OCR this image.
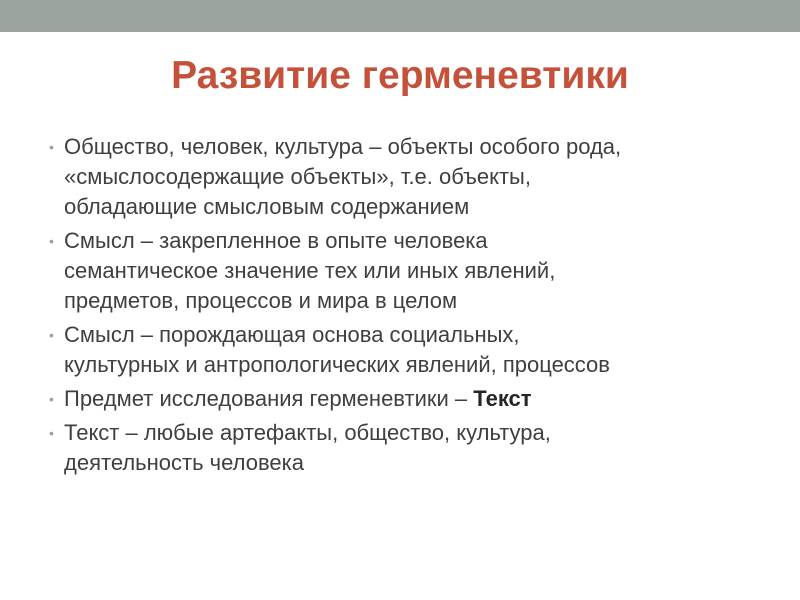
Развитие герменевтики
• Общество, человек, культура – объекты особого рода,
«смыслосодержащие объекты», т.е. объекты,
обладающие смысловым содержанием
• Смысл – закрепленное в опыте человека
семантическое значение тех или иных явлений,
предметов, процессов и мира в целом
• Смысл – порождающая основа социальных,
культурных и антропологических явлений, процессов
• Предмет исследования герменевтики – Текст
• Текст – любые артефакты, общество, культура,
деятельность человека
